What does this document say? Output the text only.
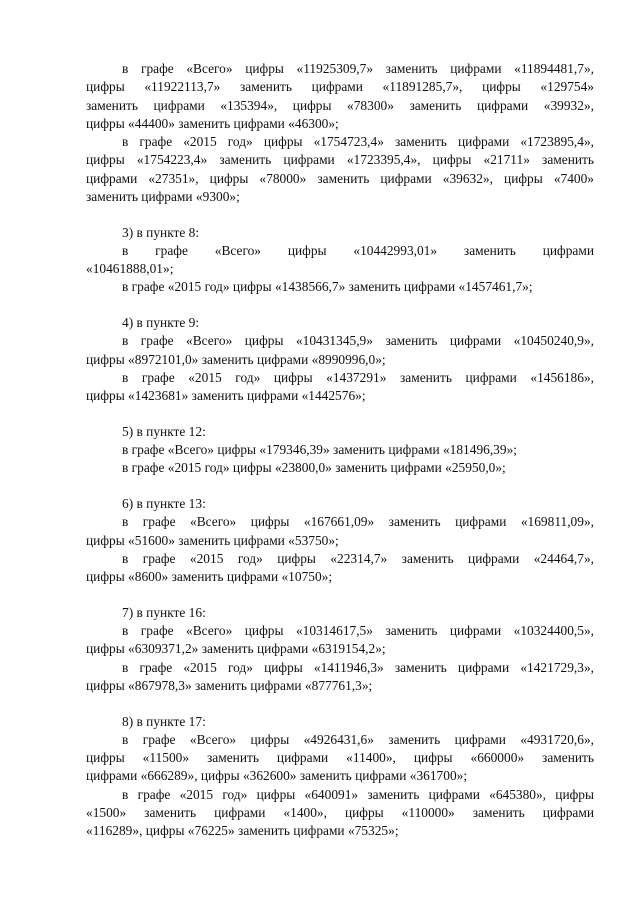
в графе «Всего» цифры «11925309,7» заменить цифрами «11894481,7»,
цифры «11922113,7» заменить цифрами «11891285,7», цифры «129754»
заменить цифрами «135394», цифры «78300» заменить цифрами «39932»,
цифры «44400» заменить цифрами «46300»;
в графе «2015 год» цифры «1754723,4» заменить цифрами «1723895,4»,
цифры «1754223,4» заменить цифрами «1723395,4», цифры «21711» заменить
цифрами «27351», цифры «78000» заменить цифрами «39632», цифры «7400»
заменить цифрами «9300»;
3) в пункте 8:
в графе «Всего» цифры «10442993,01» заменить цифрами
«10461888,01»;
в графе «2015 год» цифры «1438566,7» заменить цифрами «1457461,7»;
4) в пункте 9:
в графе «Всего» цифры «10431345,9» заменить цифрами «10450240,9»,
цифры «8972101,0» заменить цифрами «8990996,0»;
в графе «2015 год» цифры «1437291» заменить цифрами «1456186»,
цифры «1423681» заменить цифрами «1442576»;
5) в пункте 12:
в графе «Всего» цифры «179346,39» заменить цифрами «181496,39»;
в графе «2015 год» цифры «23800,0» заменить цифрами «25950,0»;
6) в пункте 13:
в графе «Всего» цифры «167661,09» заменить цифрами «169811,09»,
цифры «51600» заменить цифрами «53750»;
в графе «2015 год» цифры «22314,7» заменить цифрами «24464,7»,
цифры «8600» заменить цифрами «10750»;
7) в пункте 16:
в графе «Всего» цифры «10314617,5» заменить цифрами «10324400,5»,
цифры «6309371,2» заменить цифрами «6319154,2»;
в графе «2015 год» цифры «1411946,3» заменить цифрами «1421729,3»,
цифры «867978,3» заменить цифрами «877761,3»;
8) в пункте 17:
в графе «Всего» цифры «4926431,6» заменить цифрами «4931720,6»,
цифры «11500» заменить цифрами «11400», цифры «660000» заменить
цифрами «666289», цифры «362600» заменить цифрами «361700»;
в графе «2015 год» цифры «640091» заменить цифрами «645380», цифры
«1500» заменить цифрами «1400», цифры «110000» заменить цифрами
«116289», цифры «76225» заменить цифрами «75325»;
